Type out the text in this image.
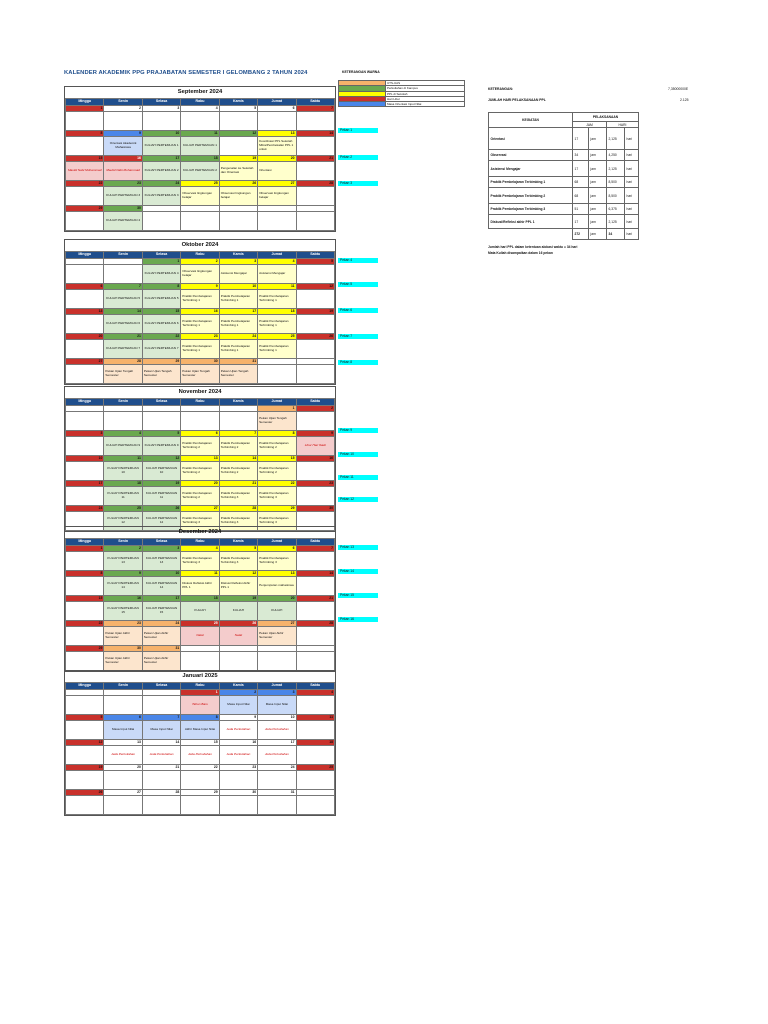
KALENDER AKADEMIK PPG PRAJABATAN SEMESTER I GELOMBANG 2 TAHUN 2024
September 2024
Minggu	Senin	Selasa	Rabu	Kamis	Jumat	Sabtu
1	2	3	4	5	6	7

8	9	10	11	12	13	14
	Orientasi Akademik Mahasiswa	KULIAH PERTEMUAN 1	KULIAH PERTEMUAN 1		Koordinasi PPL Sekolah Mitra/Pembekalan PPL 1 untuk	
15	16	17	18	19	20	21
Maulid Nabi Muhammad	Maulid Nabi Muhammad	KULIAH PERTEMUAN 2	KULIAH PERTEMUAN 2	Pengenalan ke Sekolah dan Orientasi	Orientasi	
22	23	24	25	26	27	28
	KULIAH PERTEMUAN 3	KULIAH PERTEMUAN 3	Observasi lingkungan belajar	Observasi lingkungan belajar	Observasi lingkungan belajar	
29	30					
	KULIAH PERTEMUAN 4					
Pekan 1
Pekan 2
Pekan 3
Oktober 2024
Minggu	Senin	Selasa	Rabu	Kamis	Jumat	Sabtu
		1	2	3	4	5
		KULIAH PERTEMUAN 4	Observasi lingkungan belajar	Asistensi Mengajar	Asistensi Mengajar	
6	7	8	9	10	11	12
	KULIAH PERTEMUAN 5	KULIAH PERTEMUAN 5	Praktik Pembelajaran Terbimbing 1	Praktik Pembelajaran Terbimbing 1	Praktik Pembelajaran Terbimbing 1	
13	14	15	16	17	18	19
	KULIAH PERTEMUAN 6	KULIAH PERTEMUAN 6	Praktik Pembelajaran Terbimbing 1	Praktik Pembelajaran Terbimbing 1	Praktik Pembelajaran Terbimbing 1	
20	21	22	23	24	25	26
	KULIAH PERTEMUAN 7	KULIAH PERTEMUAN 7	Praktik Pembelajaran Terbimbing 1	Praktik Pembelajaran Terbimbing 1	Praktik Pembelajaran Terbimbing 1	
27	28	29	30	31		
	Pekan Ujian Tengah Semester	Pekan Ujian Tengah Semester	Pekan Ujian Tengah Semester	Pekan Ujian Tengah Semester		
Pekan 4
Pekan 5
Pekan 6
Pekan 7
Pekan 8
November 2024
Minggu	Senin	Selasa	Rabu	Kamis	Jumat	Sabtu
					1	2
					Pekan Ujian Tengah Semester	
3	4	5	6	7	8	9
	KULIAH PERTEMUAN 9	KULIAH PERTEMUAN 9	Praktik Pembelajaran Terbimbing 2	Praktik Pembelajaran Terbimbing 2	Praktik Pembelajaran Terbimbing 2	Libur Hari Ibadi
10	11	12	13	14	15	16
	KULIAH PERTEMUAN 10	KULIAH PERTEMUAN 10	Praktik Pembelajaran Terbimbing 2	Praktik Pembelajaran Terbimbing 2	Praktik Pembelajaran Terbimbing 2	
17	18	19	20	21	22	23
	KULIAH PERTEMUAN 11	KULIAH PERTEMUAN 11	Praktik Pembelajaran Terbimbing 2	Praktik Pembelajaran Terbimbing 3	Praktik Pembelajaran Terbimbing 3	
24	25	26	27	28	29	30
	KULIAH PERTEMUAN 12	KULIAH PERTEMUAN 12	Praktik Pembelajaran Terbimbing 3	Praktik Pembelajaran Terbimbing 3	Praktik Pembelajaran Terbimbing 3	
Pekan 9
Pekan 10
Pekan 11
Pekan 12
Desember 2024
Minggu	Senin	Selasa	Rabu	Kamis	Jumat	Sabtu
1	2	3	4	5	6	7
	KULIAH PERTEMUAN 13	KULIAH PERTEMUAN 13	Praktik Pembelajaran Terbimbing 3	Praktik Pembelajaran Terbimbing 3	Praktik Pembelajaran Terbimbing 3	
8	9	10	11	12	13	14
	KULIAH PERTEMUAN 14	KULIAH PERTEMUAN 14	Diskusi Refleksi Akhir PPL 1	Diskusi Refleksi Akhir PPL 1	Penjemputan mahasiswa	
15	16	17	18	19	20	21
	KULIAH PERTEMUAN 15	KULIAH PERTEMUAN 15	KULIAH	KULIAH	KULIAH	
22	23	24	25	26	27	28
	Pekan Ujian Akhir Semester	Pekan Ujian Akhir Semester	Natal	Natal	Pekan Ujian Akhir Semester	
29	30	31				
	Pekan Ujian Akhir Semester	Pekan Ujian Akhir Semester				
Pekan 13
Pekan 14
Pekan 15
Pekan 16
Januari 2025
Minggu	Senin	Selasa	Rabu	Kamis	Jumat	Sabtu
			1	2	3	4
			Tahun Baru	Masa Input Nilai	Masa Input Nilai	
5	6	7	8	9	10	11
	Masa Input Nilai	Masa Input Nilai	Akhir Masa Input Nilai	Jeda Perkuliahan	Jeda Perkuliahan	
12	13	14	15	16	17	18
	Jeda Perkuliahan	Jeda Perkuliahan	Jeda Perkuliahan	Jeda Perkuliahan	Jeda Perkuliahan	
19	20	21	22	23	24	25

26	27	28	29	30	31	

KETERANGAN WARNA
	UTS-UAS
	Perkuliahan di Kampus
	PPL di Sekolah
	Hari Libur
	Masa Orientasi Input Nilai
KETERANGAN:	7,35000000E
JUMLAH HARI PELAKSANAAN PPL	2.125
KEGIATAN	PELAKSANAAN			
	JAM		HARI	
Orientasi	17	jam	2,125	hari
Observasi	34	jam	4,250	hari
Asistensi Mengajar	17	jam	2,125	hari
Praktik Pembelajaran Terbimbing 1	68	jam	8,500	hari
Praktik Pembelajaran Terbimbing 2	68	jam	8,500	hari
Praktik Pembelajaran Terbimbing 3	51	jam	6,375	hari
Diskusi/Refleksi akhir PPL 1	17	jam	2,125	hari
	272	jam	34	hari
Jumlah hari PPL dalam ketentuan alokasi waktu = 34 hari
Mata Kuliah disampaikan dalam 16 pekan
